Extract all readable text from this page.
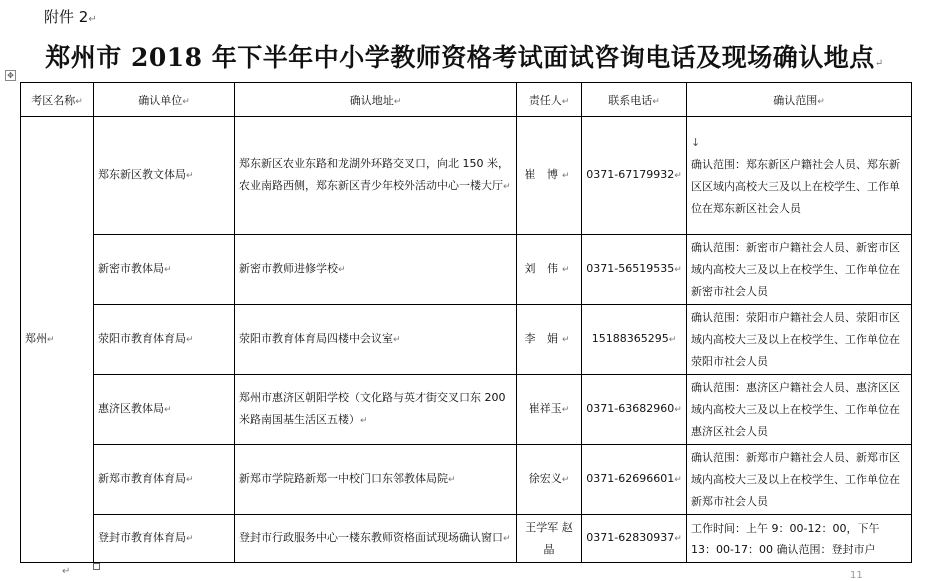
附件 2↵
郑州市 2018 年下半年中小学教师资格考试面试咨询电话及现场确认地点↵
✥
考区名称↵	确认单位↵	确认地址↵	责任人↵	联系电话↵	确认范围↵
郑州↵	郑东新区教文体局↵	郑东新区农业东路和龙湖外环路交叉口，向北 150 米，农业南路西侧，郑东新区青少年校外活动中心一楼大厅↵	崔 博↵	0371-67179932↵	↓
确认范围：郑东新区户籍社会人员、郑东新区区域内高校大三及以上在校学生、工作单位在郑东新区社会人员
	新密市教体局↵	新密市教师进修学校↵	刘 伟↵	0371-56519535↵	确认范围：新密市户籍社会人员、新密市区域内高校大三及以上在校学生、工作单位在新密市社会人员
	荥阳市教育体育局↵	荥阳市教育体育局四楼中会议室↵	李 娟↵	15188365295↵	确认范围：荥阳市户籍社会人员、荥阳市区域内高校大三及以上在校学生、工作单位在荥阳市社会人员
	惠济区教体局↵	郑州市惠济区朝阳学校（文化路与英才街交叉口东 200 米路南国基生活区五楼）↵	崔祥玉↵	0371-63682960↵	确认范围：惠济区户籍社会人员、惠济区区域内高校大三及以上在校学生、工作单位在惠济区社会人员
	新郑市教育体育局↵	新郑市学院路新郑一中校门口东邻教体局院↵	徐宏义↵	0371-62696601↵	确认范围：新郑市户籍社会人员、新郑市区域内高校大三及以上在校学生、工作单位在新郑市社会人员
	登封市教育体育局↵	登封市行政服务中心一楼东教师资格面试现场确认窗口↵	王学军 赵 晶	0371-62830937↵	工作时间：上午 9：00-12：00，下午 13：00-17：00 确认范围：登封市户
↵	11
